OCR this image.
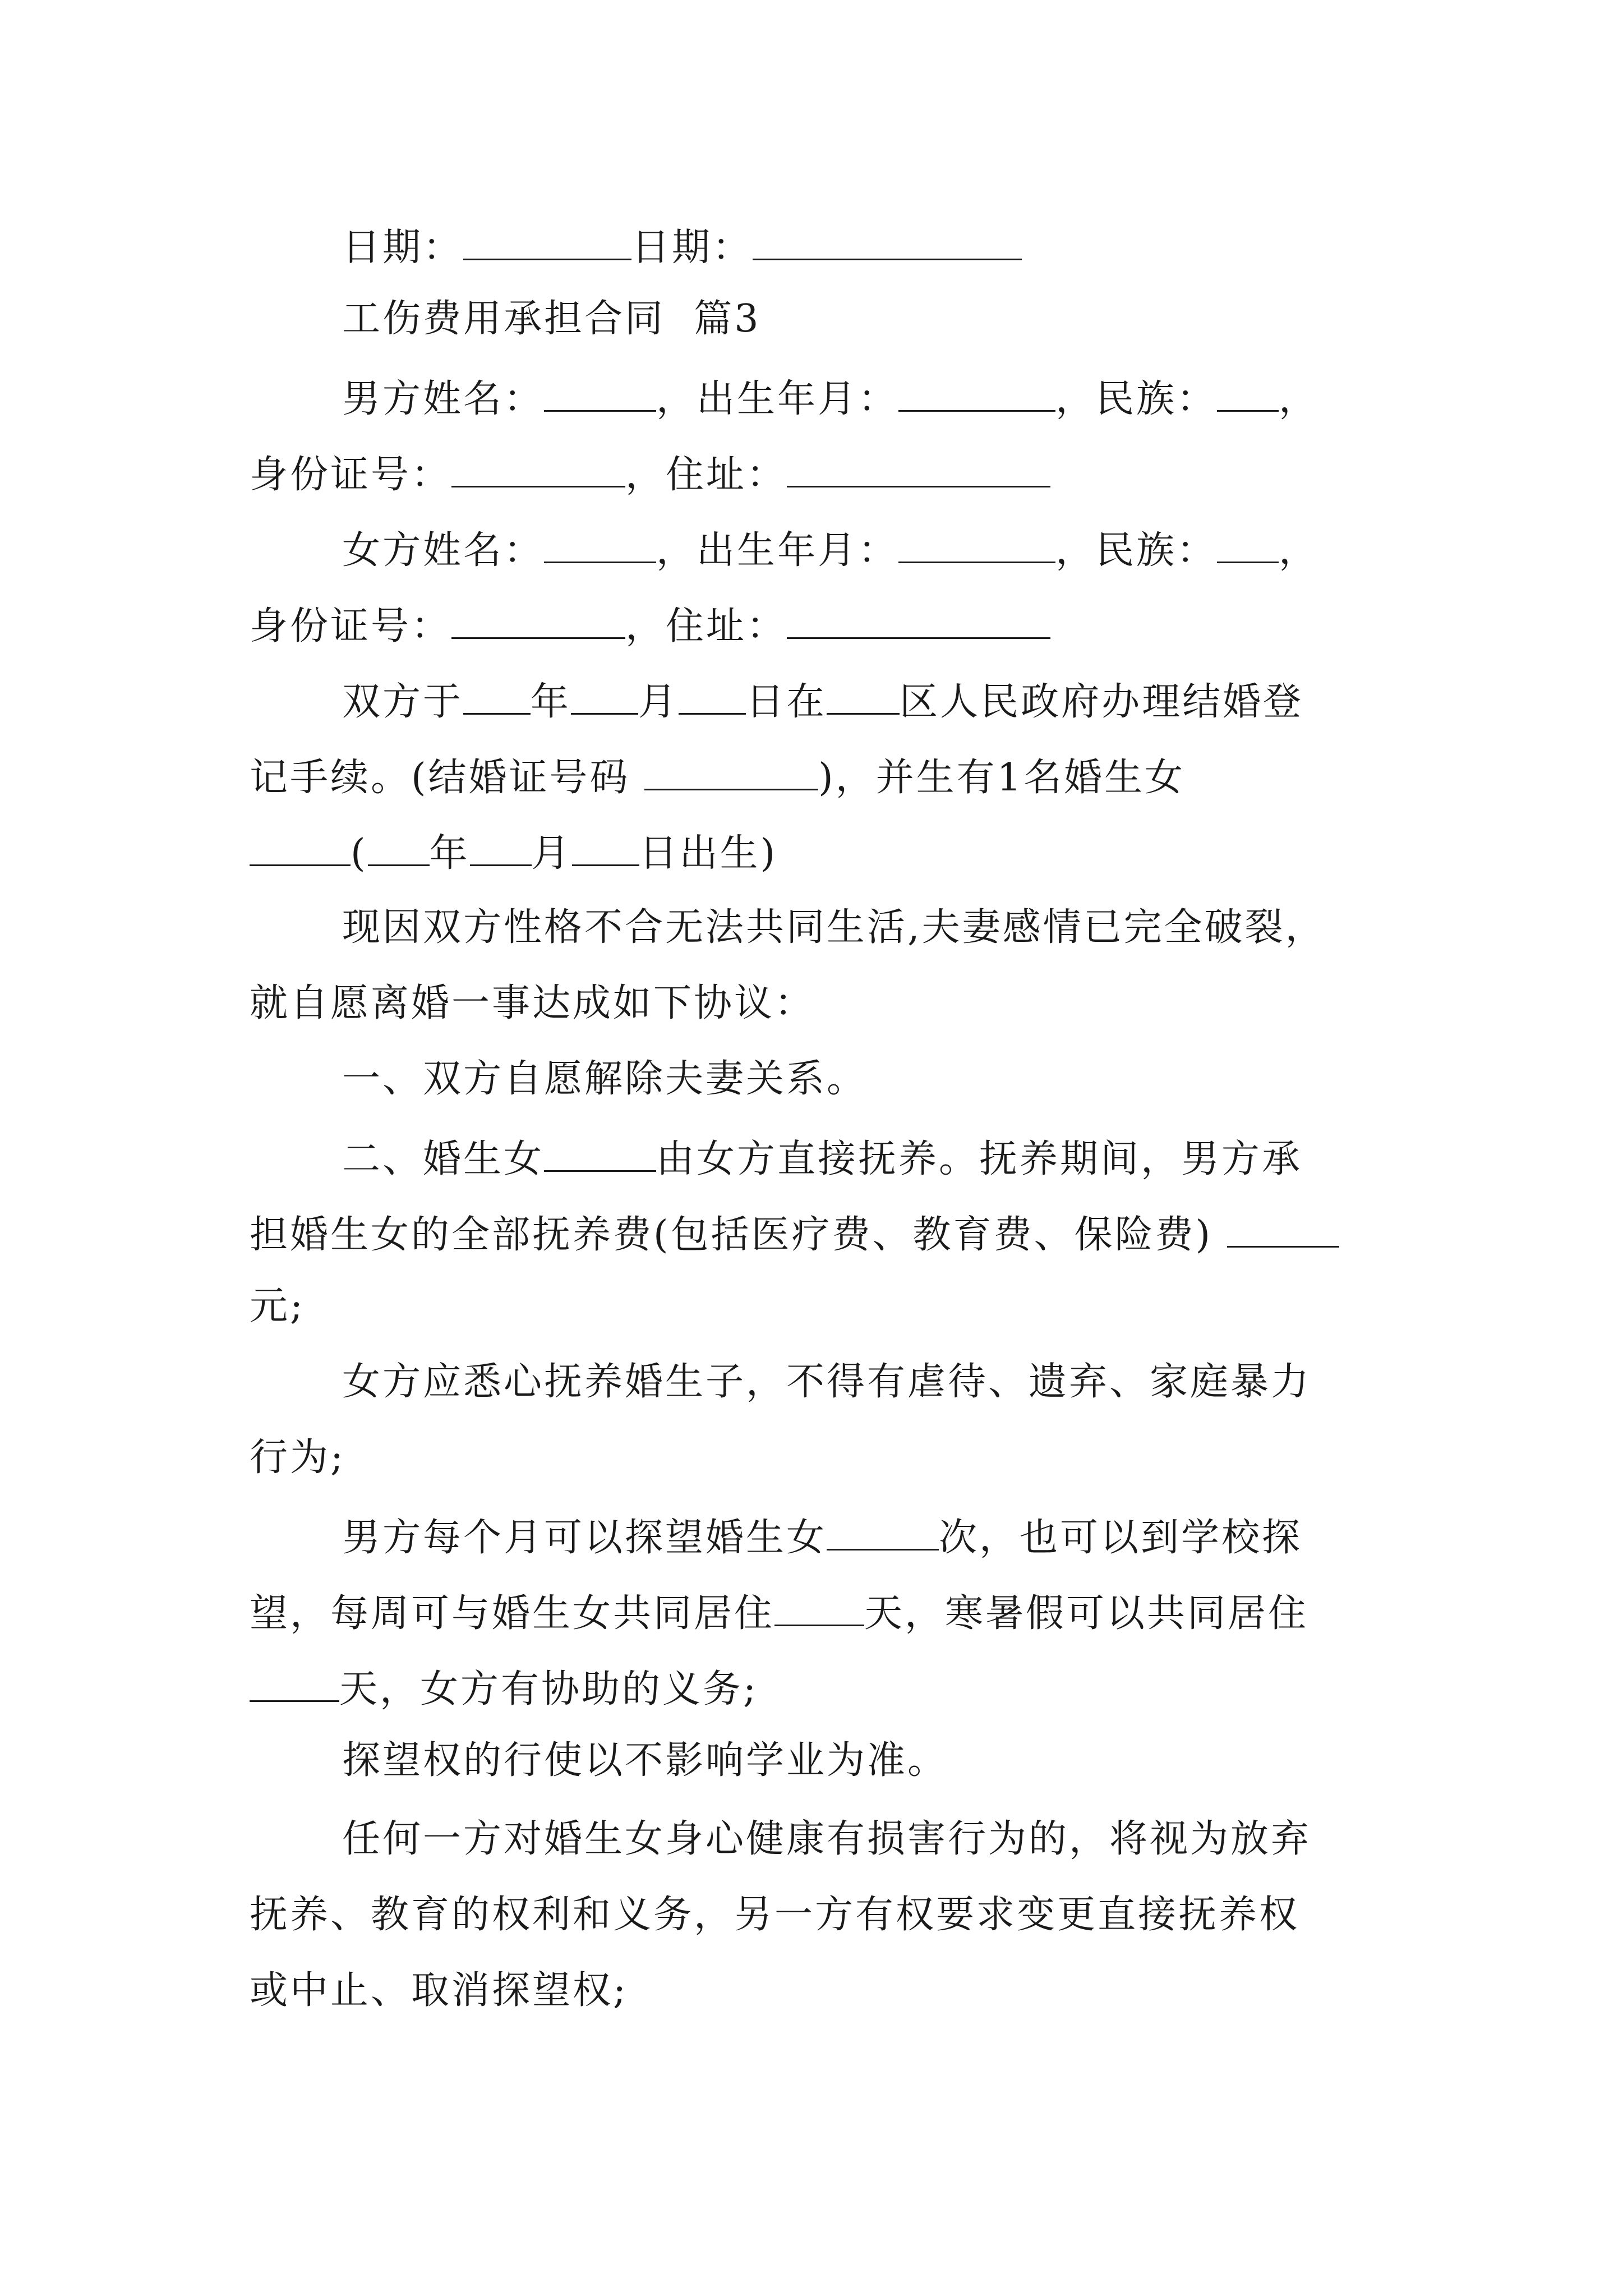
日期：	日期：
工伤费用承担合同  篇3
男方姓名：	，出生年月：	，民族： ，
身份证号：	，住址：
女方姓名：	，出生年月：	，民族： ，
身份证号：	，住址：
双方于 年 月 日在 区人民政府办理结婚登
记手续。(结婚证号码	)，并生有1名婚生女
( 年 月 日出生)
现因双方性格不合无法共同生活,夫妻感情已完全破裂，
就自愿离婚一事达成如下协议：
一、双方自愿解除夫妻关系。
二、婚生女	由女方直接抚养。抚养期间，男方承
担婚生女的全部抚养费(包括医疗费、教育费、保险费)
元;
女方应悉心抚养婚生子，不得有虐待、遗弃、家庭暴力
行为;
男方每个月可以探望婚生女	次，也可以到学校探
望，每周可与婚生女共同居住 天，寒暑假可以共同居住
天，女方有协助的义务;
探望权的行使以不影响学业为准。
任何一方对婚生女身心健康有损害行为的，将视为放弃
抚养、教育的权利和义务，另一方有权要求变更直接抚养权
或中止、取消探望权;
